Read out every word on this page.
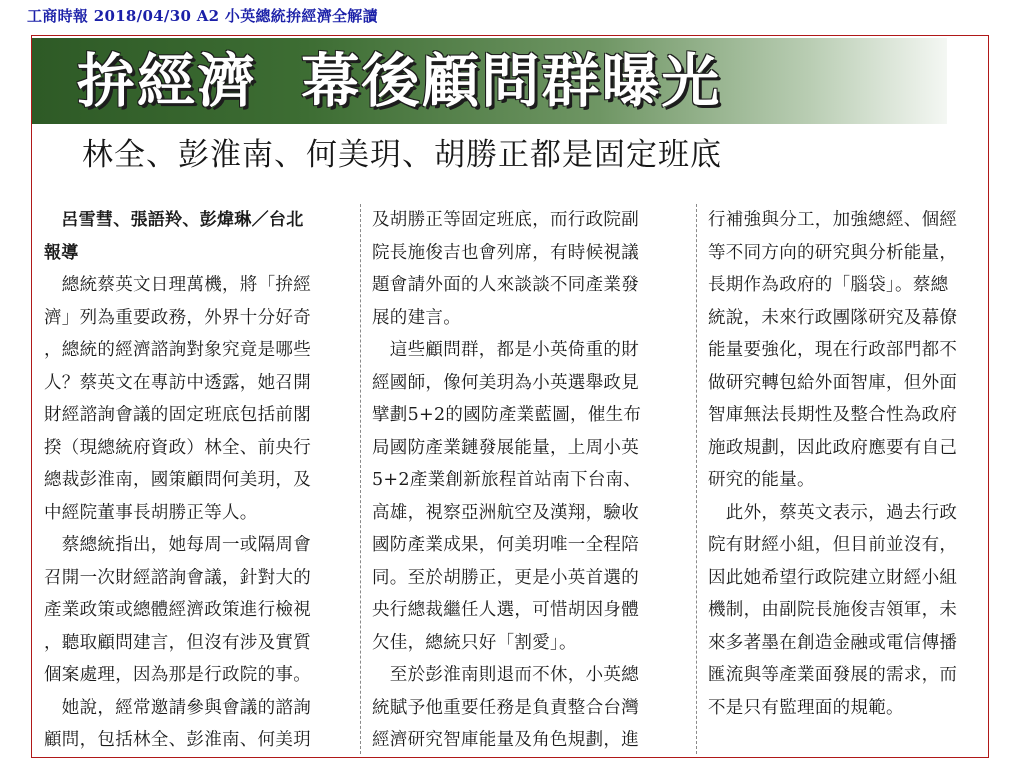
工商時報 2018/04/30 A2 小英總統拚經濟全解讀
拚經濟  幕後顧問群曝光
林全、彭淮南、何美玥、胡勝正都是固定班底
　呂雪彗、張語羚、彭煒琳／台北
報導
　總統蔡英文日理萬機，將「拚經
濟」列為重要政務，外界十分好奇
，總統的經濟諮詢對象究竟是哪些
人？蔡英文在專訪中透露，她召開
財經諮詢會議的固定班底包括前閣
揆（現總統府資政）林全、前央行
總裁彭淮南，國策顧問何美玥，及
中經院董事長胡勝正等人。
　蔡總統指出，她每周一或隔周會
召開一次財經諮詢會議，針對大的
產業政策或總體經濟政策進行檢視
，聽取顧問建言，但沒有涉及實質
個案處理，因為那是行政院的事。
　她說，經常邀請參與會議的諮詢
顧問，包括林全、彭淮南、何美玥
及胡勝正等固定班底，而行政院副
院長施俊吉也會列席，有時候視議
題會請外面的人來談談不同產業發
展的建言。
　這些顧問群，都是小英倚重的財
經國師，像何美玥為小英選舉政見
擘劃5+2的國防產業藍圖，催生布
局國防產業鏈發展能量，上周小英
5+2產業創新旅程首站南下台南、
高雄，視察亞洲航空及漢翔，驗收
國防產業成果，何美玥唯一全程陪
同。至於胡勝正，更是小英首選的
央行總裁繼任人選，可惜胡因身體
欠佳，總統只好「割愛」。
　至於彭淮南則退而不休，小英總
統賦予他重要任務是負責整合台灣
經濟研究智庫能量及角色規劃，進
行補強與分工，加強總經、個經
等不同方向的研究與分析能量，
長期作為政府的「腦袋」。蔡總
統說，未來行政團隊研究及幕僚
能量要強化，現在行政部門都不
做研究轉包給外面智庫，但外面
智庫無法長期性及整合性為政府
施政規劃，因此政府應要有自己
研究的能量。
　此外，蔡英文表示，過去行政
院有財經小組，但目前並沒有，
因此她希望行政院建立財經小組
機制，由副院長施俊吉領軍，未
來多著墨在創造金融或電信傳播
匯流與等產業面發展的需求，而
不是只有監理面的規範。
